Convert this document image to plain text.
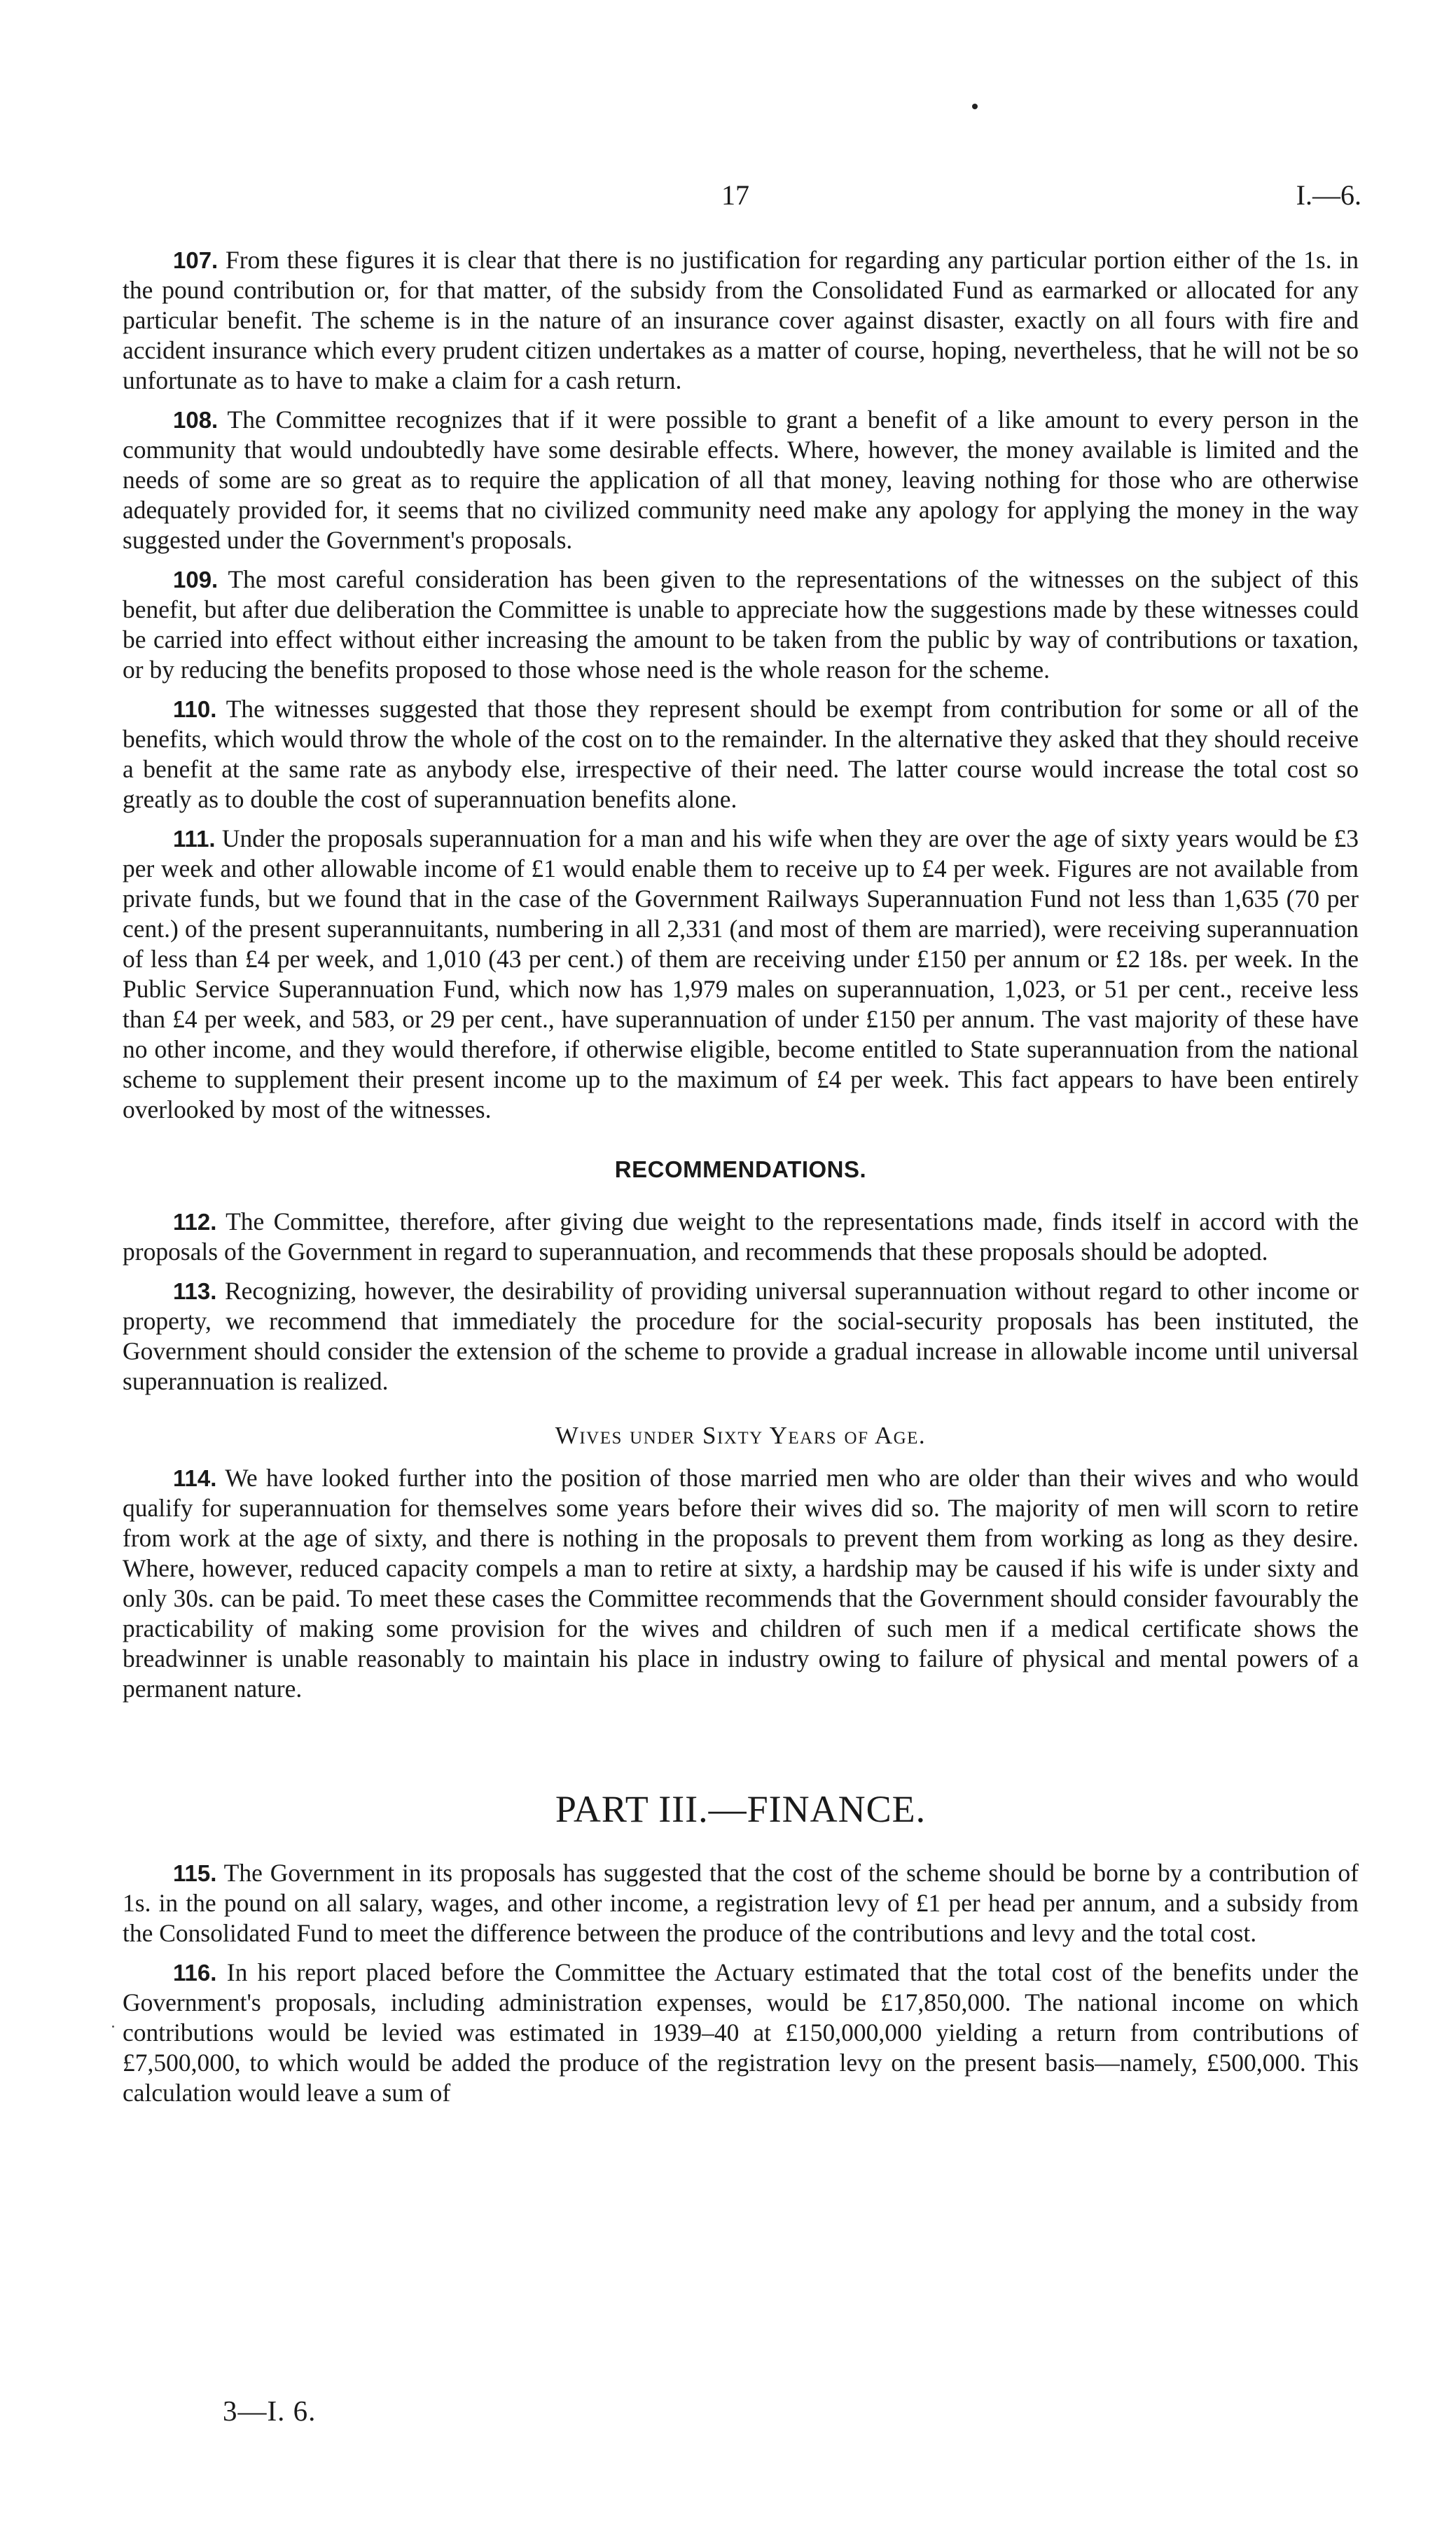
17	I.—6.

107. From these figures it is clear that there is no justification for regarding any particular portion either of the 1s. in the pound contribution or, for that matter, of the subsidy from the Consolidated Fund as earmarked or allocated for any particular benefit. The scheme is in the nature of an insurance cover against disaster, exactly on all fours with fire and accident insurance which every prudent citizen undertakes as a matter of course, hoping, nevertheless, that he will not be so unfortunate as to have to make a claim for a cash return.

108. The Committee recognizes that if it were possible to grant a benefit of a like amount to every person in the community that would undoubtedly have some desirable effects. Where, however, the money available is limited and the needs of some are so great as to require the application of all that money, leaving nothing for those who are otherwise adequately provided for, it seems that no civilized community need make any apology for applying the money in the way suggested under the Government's proposals.

109. The most careful consideration has been given to the representations of the witnesses on the subject of this benefit, but after due deliberation the Committee is unable to appreciate how the suggestions made by these witnesses could be carried into effect without either increasing the amount to be taken from the public by way of contributions or taxation, or by reducing the benefits proposed to those whose need is the whole reason for the scheme.

110. The witnesses suggested that those they represent should be exempt from contribution for some or all of the benefits, which would throw the whole of the cost on to the remainder. In the alternative they asked that they should receive a benefit at the same rate as anybody else, irrespective of their need. The latter course would increase the total cost so greatly as to double the cost of superannuation benefits alone.

111. Under the proposals superannuation for a man and his wife when they are over the age of sixty years would be £3 per week and other allowable income of £1 would enable them to receive up to £4 per week. Figures are not available from private funds, but we found that in the case of the Government Railways Superannuation Fund not less than 1,635 (70 per cent.) of the present superannuitants, numbering in all 2,331 (and most of them are married), were receiving superannuation of less than £4 per week, and 1,010 (43 per cent.) of them are receiving under £150 per annum or £2 18s. per week. In the Public Service Superannuation Fund, which now has 1,979 males on superannuation, 1,023, or 51 per cent., receive less than £4 per week, and 583, or 29 per cent., have superannuation of under £150 per annum. The vast majority of these have no other income, and they would therefore, if otherwise eligible, become entitled to State superannuation from the national scheme to supplement their present income up to the maximum of £4 per week. This fact appears to have been entirely overlooked by most of the witnesses.

RECOMMENDATIONS.

112. The Committee, therefore, after giving due weight to the representations made, finds itself in accord with the proposals of the Government in regard to superannuation, and recommends that these proposals should be adopted.

113. Recognizing, however, the desirability of providing universal superannuation without regard to other income or property, we recommend that immediately the procedure for the social-security proposals has been instituted, the Government should consider the extension of the scheme to provide a gradual increase in allowable income until universal superannuation is realized.

Wives under Sixty Years of Age.

114. We have looked further into the position of those married men who are older than their wives and who would qualify for superannuation for themselves some years before their wives did so. The majority of men will scorn to retire from work at the age of sixty, and there is nothing in the proposals to prevent them from working as long as they desire. Where, however, reduced capacity compels a man to retire at sixty, a hardship may be caused if his wife is under sixty and only 30s. can be paid. To meet these cases the Committee recommends that the Government should consider favourably the practicability of making some provision for the wives and children of such men if a medical certificate shows the breadwinner is unable reasonably to maintain his place in industry owing to failure of physical and mental powers of a permanent nature.

PART III.—FINANCE.

115. The Government in its proposals has suggested that the cost of the scheme should be borne by a contribution of 1s. in the pound on all salary, wages, and other income, a registration levy of £1 per head per annum, and a subsidy from the Consolidated Fund to meet the difference between the produce of the contributions and levy and the total cost.

116. In his report placed before the Committee the Actuary estimated that the total cost of the benefits under the Government's proposals, including administration expenses, would be £17,850,000. The national income on which contributions would be levied was estimated in 1939–40 at £150,000,000 yielding a return from contributions of £7,500,000, to which would be added the produce of the registration levy on the present basis—namely, £500,000. This calculation would leave a sum of

3—I. 6.
